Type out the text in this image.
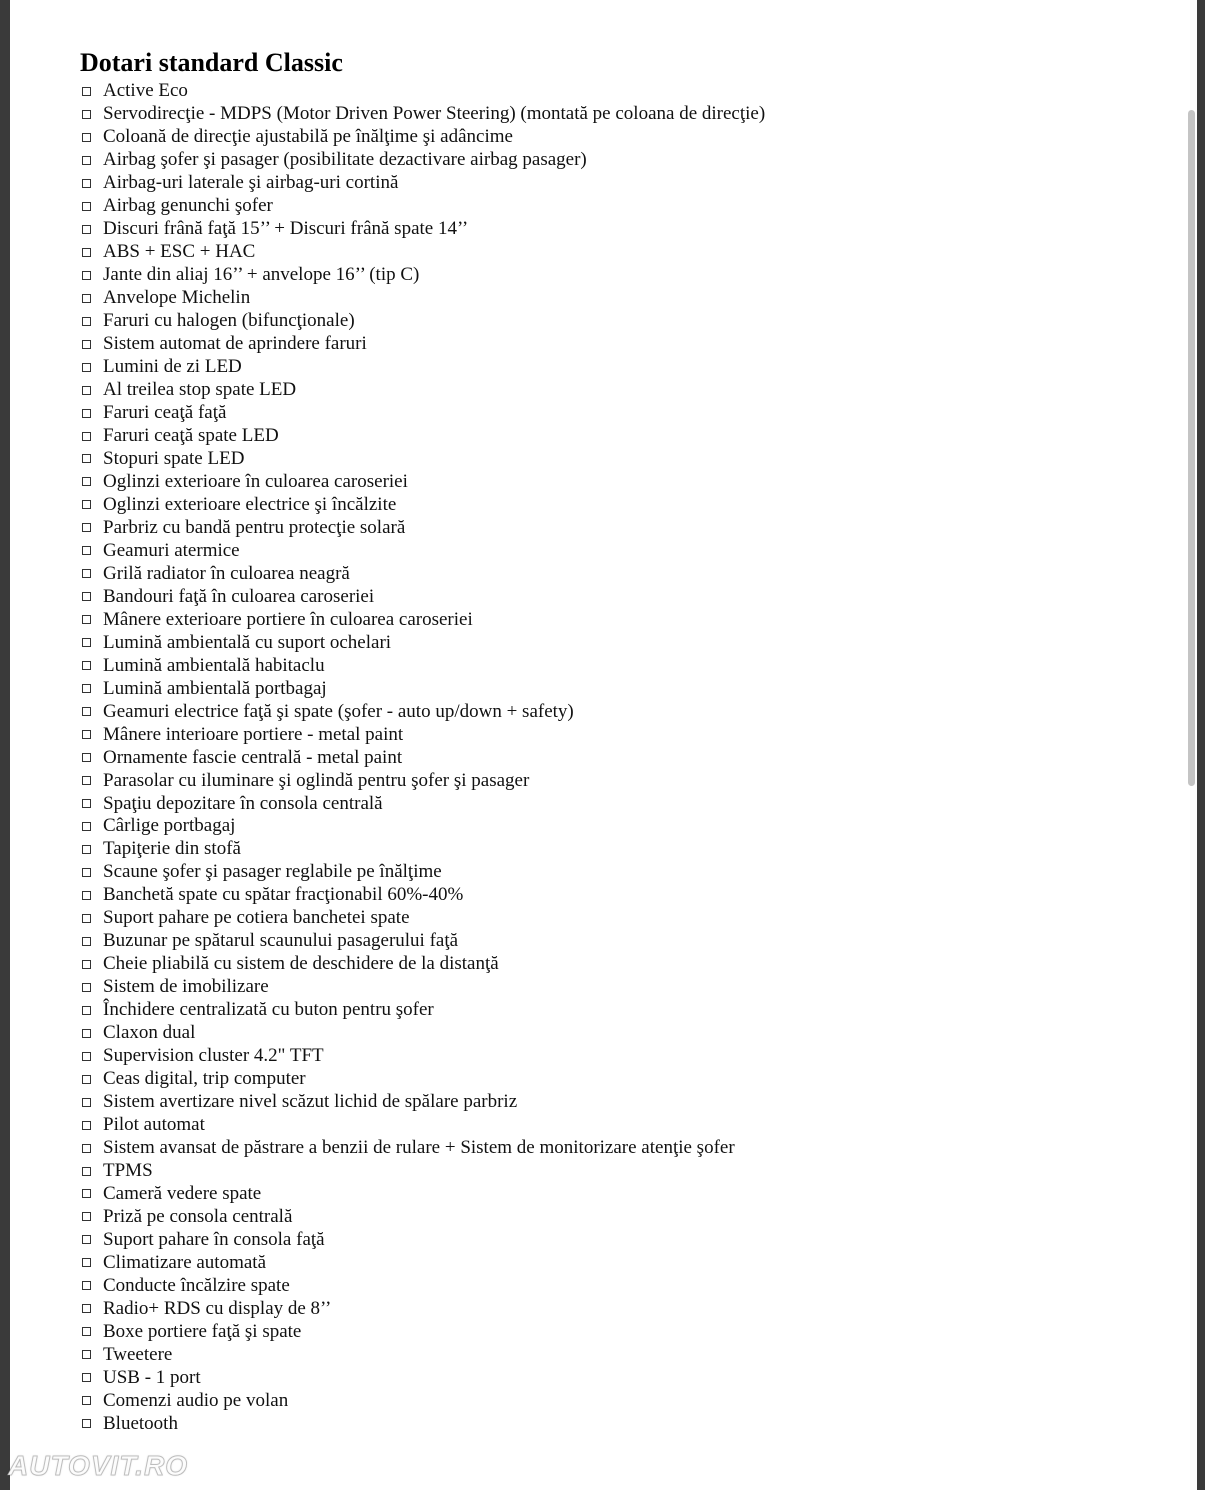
Dotari standard Classic
Active Eco
Servodirecţie - MDPS (Motor Driven Power Steering) (montată pe coloana de direcţie)
Coloană de direcţie ajustabilă pe înălţime şi adâncime
Airbag şofer şi pasager (posibilitate dezactivare airbag pasager)
Airbag-uri laterale şi airbag-uri cortină
Airbag genunchi şofer
Discuri frână faţă 15’’ + Discuri frână spate 14’’
ABS + ESC + HAC
Jante din aliaj 16’’ + anvelope 16’’ (tip C)
Anvelope Michelin
Faruri cu halogen (bifuncţionale)
Sistem automat de aprindere faruri
Lumini de zi LED
Al treilea stop spate LED
Faruri ceaţă faţă
Faruri ceaţă spate LED
Stopuri spate LED
Oglinzi exterioare în culoarea caroseriei
Oglinzi exterioare electrice şi încălzite
Parbriz cu bandă pentru protecţie solară
Geamuri atermice
Grilă radiator în culoarea neagră
Bandouri faţă în culoarea caroseriei
Mânere exterioare portiere în culoarea caroseriei
Lumină ambientală cu suport ochelari
Lumină ambientală habitaclu
Lumină ambientală portbagaj
Geamuri electrice faţă şi spate (şofer - auto up/down + safety)
Mânere interioare portiere - metal paint
Ornamente fascie centrală - metal paint
Parasolar cu iluminare şi oglindă pentru şofer şi pasager
Spaţiu depozitare în consola centrală
Cârlige portbagaj
Tapiţerie din stofă
Scaune şofer şi pasager reglabile pe înălţime
Banchetă spate cu spătar fracţionabil 60%-40%
Suport pahare pe cotiera banchetei spate
Buzunar pe spătarul scaunului pasagerului faţă
Cheie pliabilă cu sistem de deschidere de la distanţă
Sistem de imobilizare
Închidere centralizată cu buton pentru şofer
Claxon dual
Supervision cluster 4.2" TFT
Ceas digital, trip computer
Sistem avertizare nivel scăzut lichid de spălare parbriz
Pilot automat
Sistem avansat de păstrare a benzii de rulare + Sistem de monitorizare atenţie şofer
TPMS
Cameră vedere spate
Priză pe consola centrală
Suport pahare în consola faţă
Climatizare automată
Conducte încălzire spate
Radio+ RDS cu display de 8’’
Boxe portiere faţă şi spate
Tweetere
USB - 1 port
Comenzi audio pe volan
Bluetooth
AUTOVIT.RO
